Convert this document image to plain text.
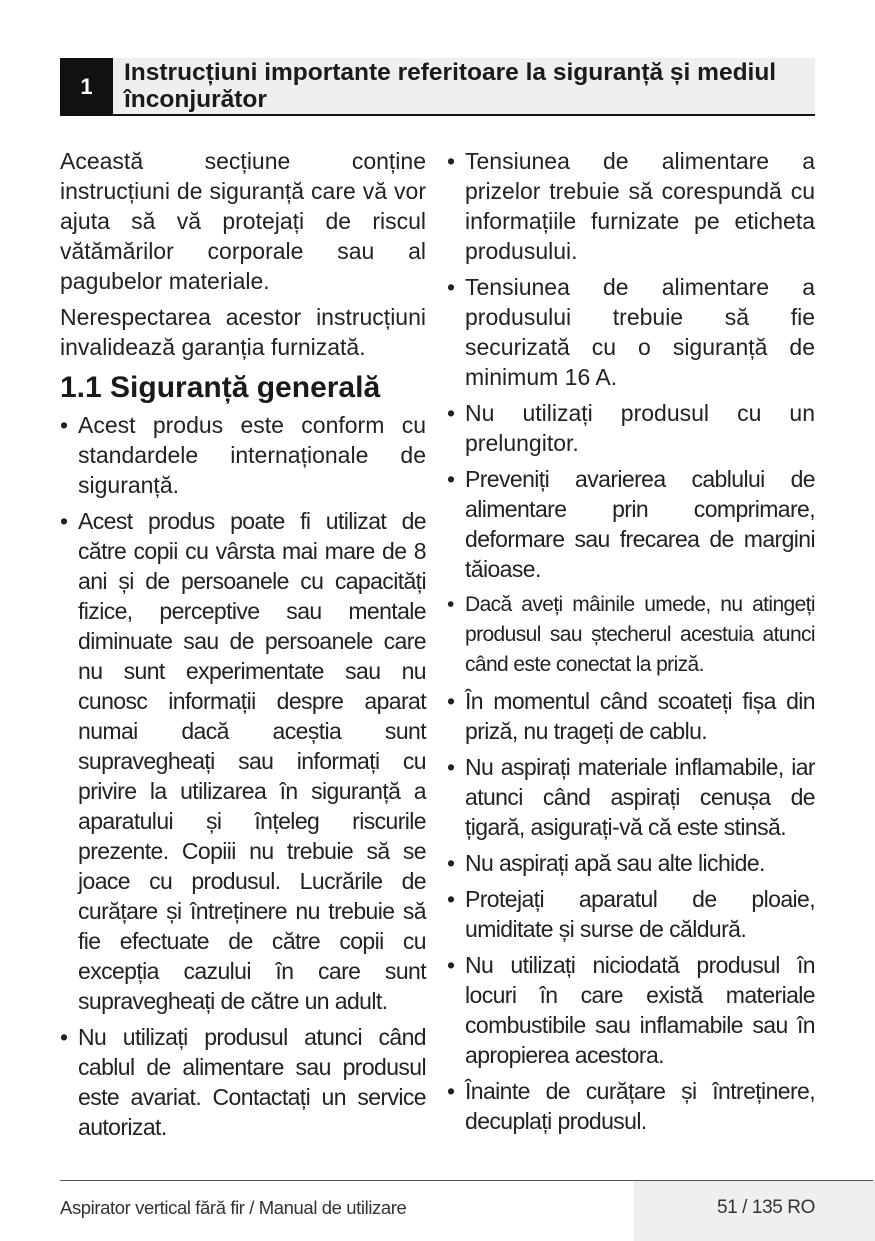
1
Instrucțiuni importante referitoare la siguranță și mediul înconjurător

Această secțiune conține instrucțiuni de siguranță care vă vor ajuta să vă protejați de riscul vătămărilor corporale sau al pagubelor materiale.

Nerespectarea acestor instrucțiuni invalidează garanția furnizată.

1.1 Siguranță generală
• Acest produs este conform cu standardele internaționale de siguranță.
• Acest produs poate fi utilizat de către copii cu vârsta mai mare de 8 ani și de persoanele cu capacități fizice, perceptive sau mentale diminuate sau de persoanele care nu sunt experimentate sau nu cunosc informații despre aparat numai dacă aceștia sunt supravegheați sau informați cu privire la utilizarea în siguranță a aparatului și înțeleg riscurile prezente. Copiii nu trebuie să se joace cu produsul. Lucrările de curățare și întreținere nu trebuie să fie efectuate de către copii cu excepția cazului în care sunt supravegheați de către un adult.
• Nu utilizați produsul atunci când cablul de alimentare sau produsul este avariat. Contactați un service autorizat.
• Tensiunea de alimentare a prizelor trebuie să corespundă cu informațiile furnizate pe eticheta produsului.
• Tensiunea de alimentare a produsului trebuie să fie securizată cu o siguranță de minimum 16 A.
• Nu utilizați produsul cu un prelungitor.
• Preveniți avarierea cablului de alimentare prin comprimare, deformare sau frecarea de margini tăioase.
• Dacă aveți mâinile umede, nu atingeți produsul sau ștecherul acestuia atunci când este conectat la priză.
• În momentul când scoateți fișa din priză, nu trageți de cablu.
• Nu aspirați materiale inflamabile, iar atunci când aspirați cenușa de țigară, asigurați-vă că este stinsă.
• Nu aspirați apă sau alte lichide.
• Protejați aparatul de ploaie, umiditate și surse de căldură.
• Nu utilizați niciodată produsul în locuri în care există materiale combustibile sau inflamabile sau în apropierea acestora.
• Înainte de curățare și întreținere, decuplați produsul.
Aspirator vertical fără fir / Manual de utilizare	51 / 135 RO
